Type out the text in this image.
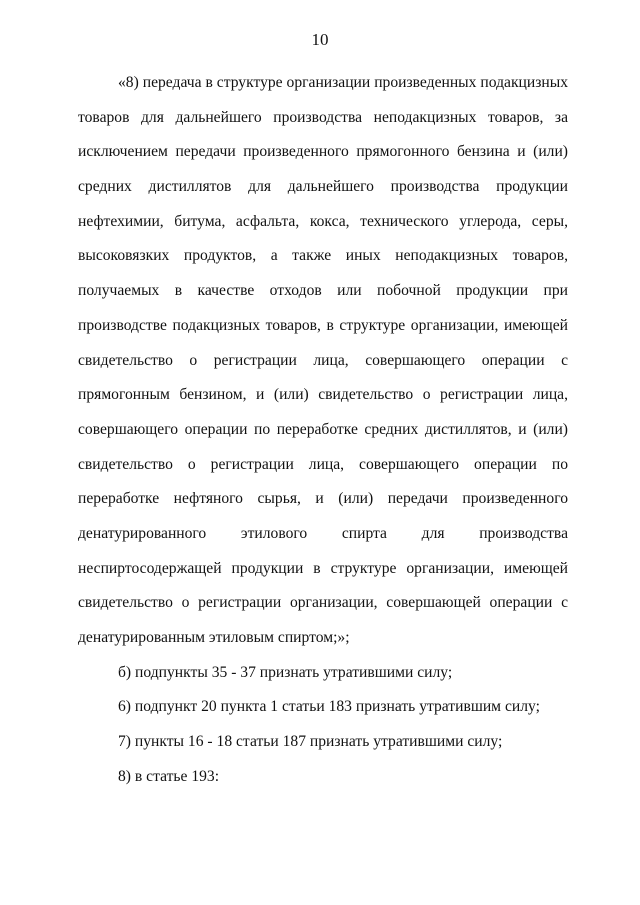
10
«8) передача в структуре организации произведенных подакцизных
товаров для дальнейшего производства неподакцизных товаров, за
исключением передачи произведенного прямогонного бензина и (или)
средних дистиллятов для дальнейшего производства продукции
нефтехимии, битума, асфальта, кокса, технического углерода, серы,
высоковязких продуктов, а также иных неподакцизных товаров,
получаемых в качестве отходов или побочной продукции при
производстве подакцизных товаров, в структуре организации, имеющей
свидетельство о регистрации лица, совершающего операции с
прямогонным бензином, и (или) свидетельство о регистрации лица,
совершающего операции по переработке средних дистиллятов, и (или)
свидетельство о регистрации лица, совершающего операции по
переработке нефтяного сырья, и (или) передачи произведенного
денатурированного этилового спирта для производства
неспиртосодержащей продукции в структуре организации, имеющей
свидетельство о регистрации организации, совершающей операции с
денатурированным этиловым спиртом;»;
б) подпункты 35 - 37 признать утратившими силу;
6) подпункт 20 пункта 1 статьи 183 признать утратившим силу;
7) пункты 16 - 18 статьи 187 признать утратившими силу;
8) в статье 193:
